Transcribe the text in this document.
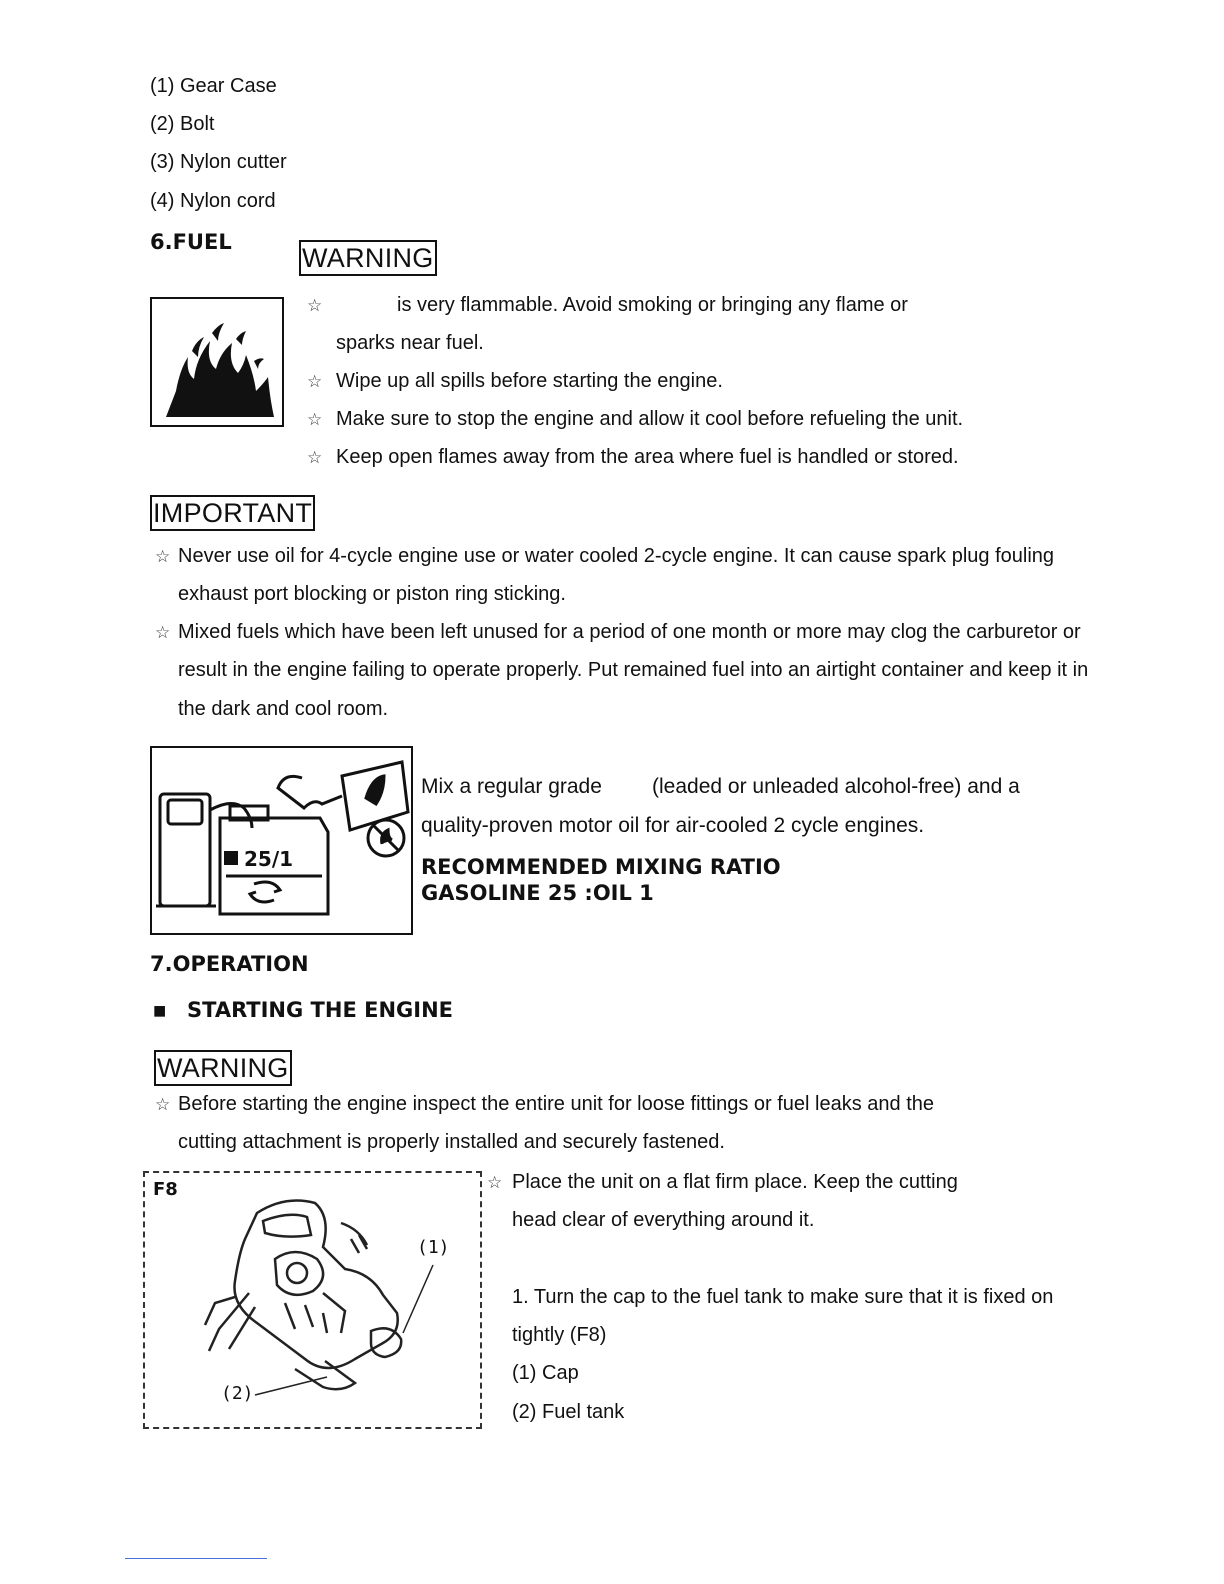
(1) Gear Case
(2) Bolt
(3) Nylon cutter
(4) Nylon cord
6.FUEL
WARNING
☆	is very flammable. Avoid smoking or bringing any flame or
sparks near fuel.
☆ Wipe up all spills before starting the engine.
☆ Make sure to stop the engine and allow it cool before refueling the unit.
☆ Keep open flames away from the area where fuel is handled or stored.
IMPORTANT
☆ Never use oil for 4-cycle engine use or water cooled 2-cycle engine. It can cause spark plug fouling
exhaust port blocking or piston ring sticking.
☆ Mixed fuels which have been left unused for a period of one month or more may clog the carburetor or
result in the engine failing to operate properly. Put remained fuel into an airtight container and keep it in
the dark and cool room.
25/1
Mix a regular grade (leaded or unleaded alcohol-free) and a
quality-proven motor oil for air-cooled 2 cycle engines.
RECOMMENDED MIXING RATIO
GASOLINE 25 :OIL 1
7.OPERATION
■ STARTING THE ENGINE
WARNING
☆ Before starting the engine inspect the entire unit for loose fittings or fuel leaks and the
cutting attachment is properly installed and securely fastened.
F8
(1)
(2)
☆ Place the unit on a flat firm place. Keep the cutting
head clear of everything around it.
1. Turn the cap to the fuel tank to make sure that it is fixed on
tightly (F8)
(1) Cap
(2) Fuel tank
